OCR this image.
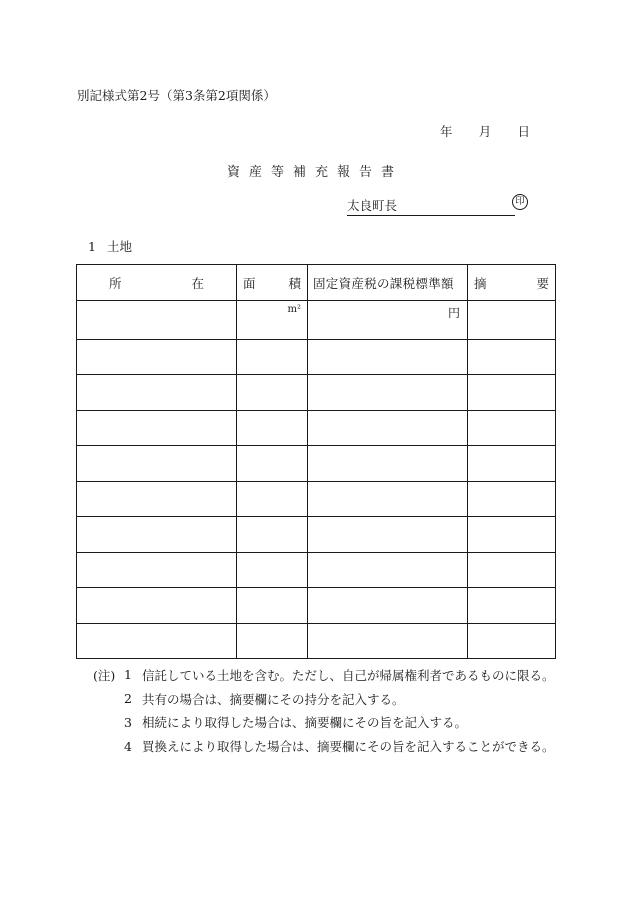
別記様式第2号（第3条第2項関係）
年 月 日
資産等補充報告書
太良町長	印
1 土地
所 在	面 積	固定資産税の課税標準額	摘 要

	m²	円	

(注) 1 信託している土地を含む。ただし、自己が帰属権利者であるものに限る。
2 共有の場合は、摘要欄にその持分を記入する。
3 相続により取得した場合は、摘要欄にその旨を記入する。
4 買換えにより取得した場合は、摘要欄にその旨を記入することができる。
